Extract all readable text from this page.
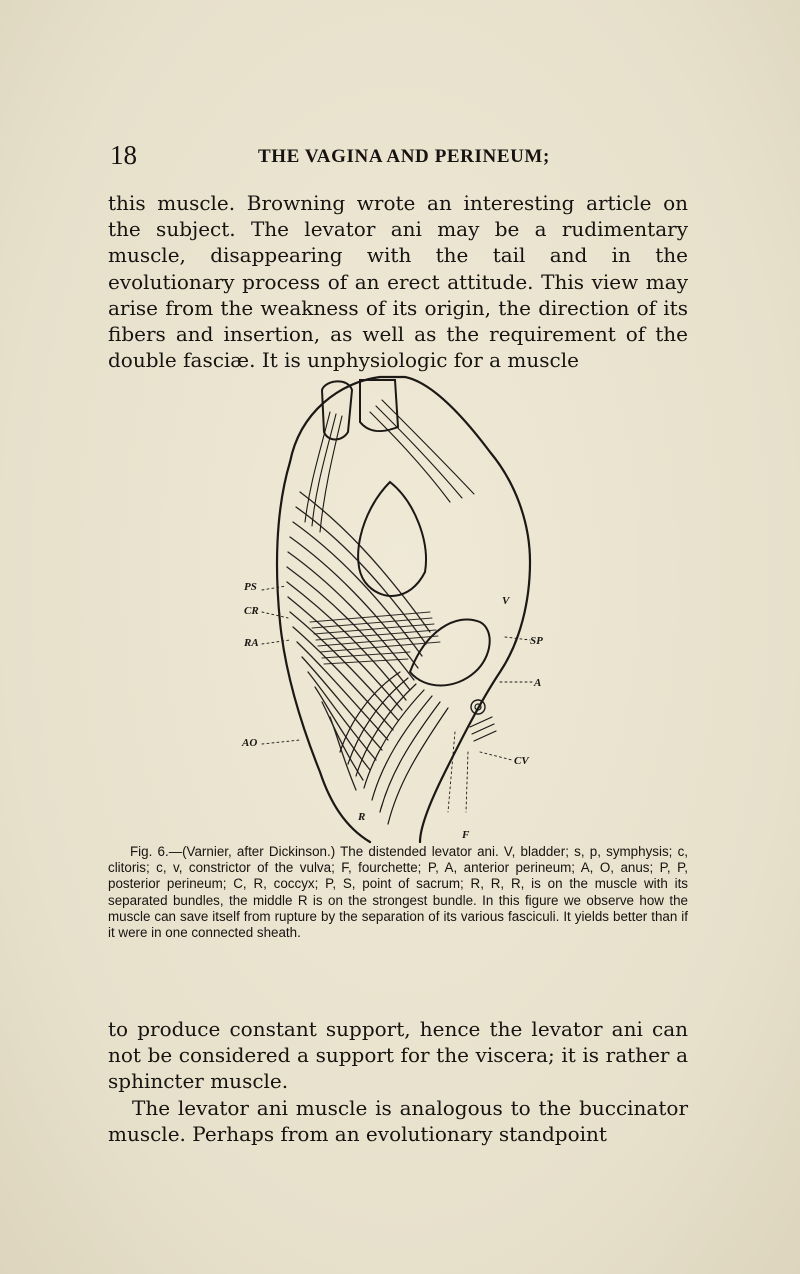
18	THE VAGINA AND PERINEUM;

this muscle. Browning wrote an interesting article on the subject. The levator ani may be a rudimentary muscle, disappearing with the tail and in the evolutionary process of an erect attitude. This view may arise from the weakness of its origin, the direction of its fibers and insertion, as well as the requirement of the double fasciæ. It is unphysiologic for a muscle

PS
CR
RA
AO
V
SP
A
CV
F
R

Fig. 6.—(Varnier, after Dickinson.) The distended levator ani. V, bladder; s, p, symphysis; c, clitoris; c, v, constrictor of the vulva; F, fourchette; P, A, anterior perineum; A, O, anus; P, P, posterior perineum; C, R, coccyx; P, S, point of sacrum; R, R, R, is on the muscle with its separated bundles, the middle R is on the strongest bundle. In this figure we observe how the muscle can save itself from rupture by the separation of its various fasciculi. It yields better than if it were in one connected sheath.

to produce constant support, hence the levator ani can not be considered a support for the viscera; it is rather a sphincter muscle.
The levator ani muscle is analogous to the buccinator muscle. Perhaps from an evolutionary standpoint
